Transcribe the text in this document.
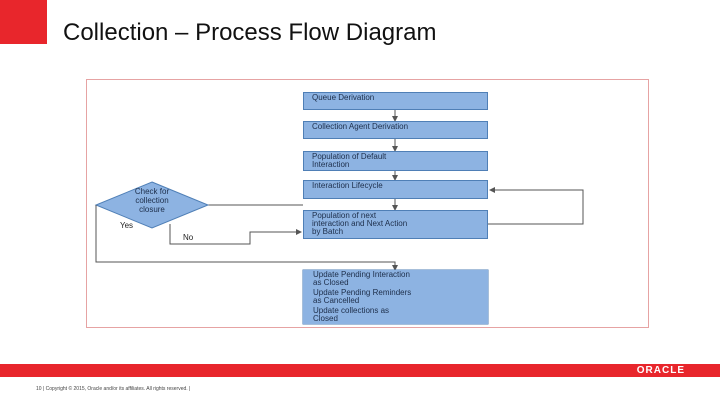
Collection – Process Flow Diagram
Queue Derivation
Collection Agent Derivation
Population of Default
Interaction
Interaction Lifecycle
Population of next
interaction and Next Action
by Batch
Check for
collection
closure
Yes
No
Update Pending Interaction
as Closed
Update Pending Reminders
as Cancelled
Update collections as
Closed
ORACLE
10 | Copyright © 2015, Oracle and/or its affiliates. All rights reserved. |
